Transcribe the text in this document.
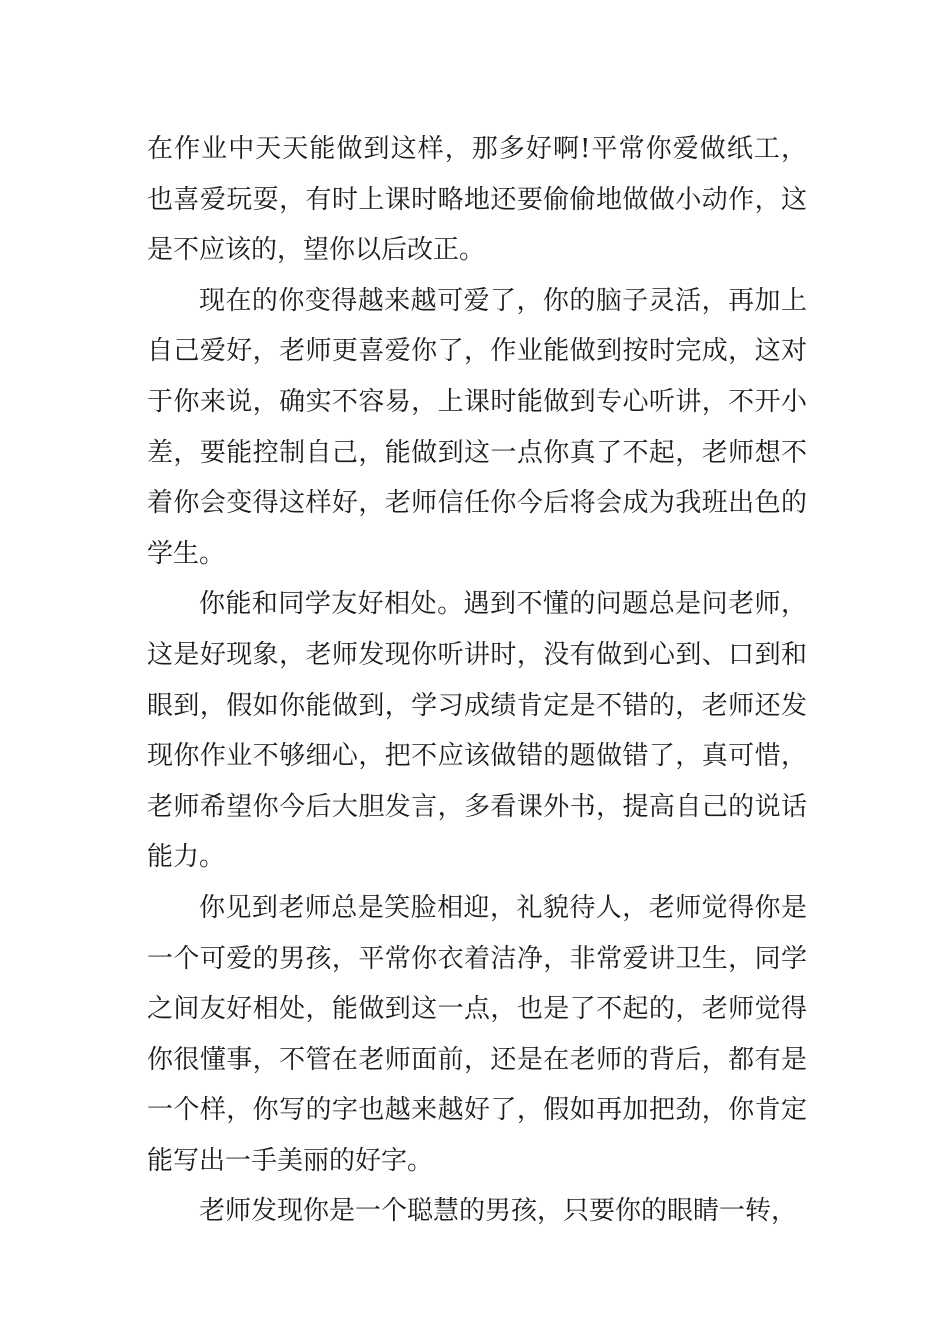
在作业中天天能做到这样，那多好啊!平常你爱做纸工，也喜爱玩耍，有时上课时略地还要偷偷地做做小动作，这是不应该的，望你以后改正。

现在的你变得越来越可爱了，你的脑子灵活，再加上自己爱好，老师更喜爱你了，作业能做到按时完成，这对于你来说，确实不容易，上课时能做到专心听讲，不开小差，要能控制自己，能做到这一点你真了不起，老师想不着你会变得这样好，老师信任你今后将会成为我班出色的学生。

你能和同学友好相处。遇到不懂的问题总是问老师，这是好现象，老师发现你听讲时，没有做到心到、口到和眼到，假如你能做到，学习成绩肯定是不错的，老师还发现你作业不够细心，把不应该做错的题做错了，真可惜，老师希望你今后大胆发言，多看课外书，提高自己的说话能力。

你见到老师总是笑脸相迎，礼貌待人，老师觉得你是一个可爱的男孩，平常你衣着洁净，非常爱讲卫生，同学之间友好相处，能做到这一点，也是了不起的，老师觉得你很懂事，不管在老师面前，还是在老师的背后，都有是一个样，你写的字也越来越好了，假如再加把劲，你肯定能写出一手美丽的好字。

老师发现你是一个聪慧的男孩，只要你的眼睛一转，
